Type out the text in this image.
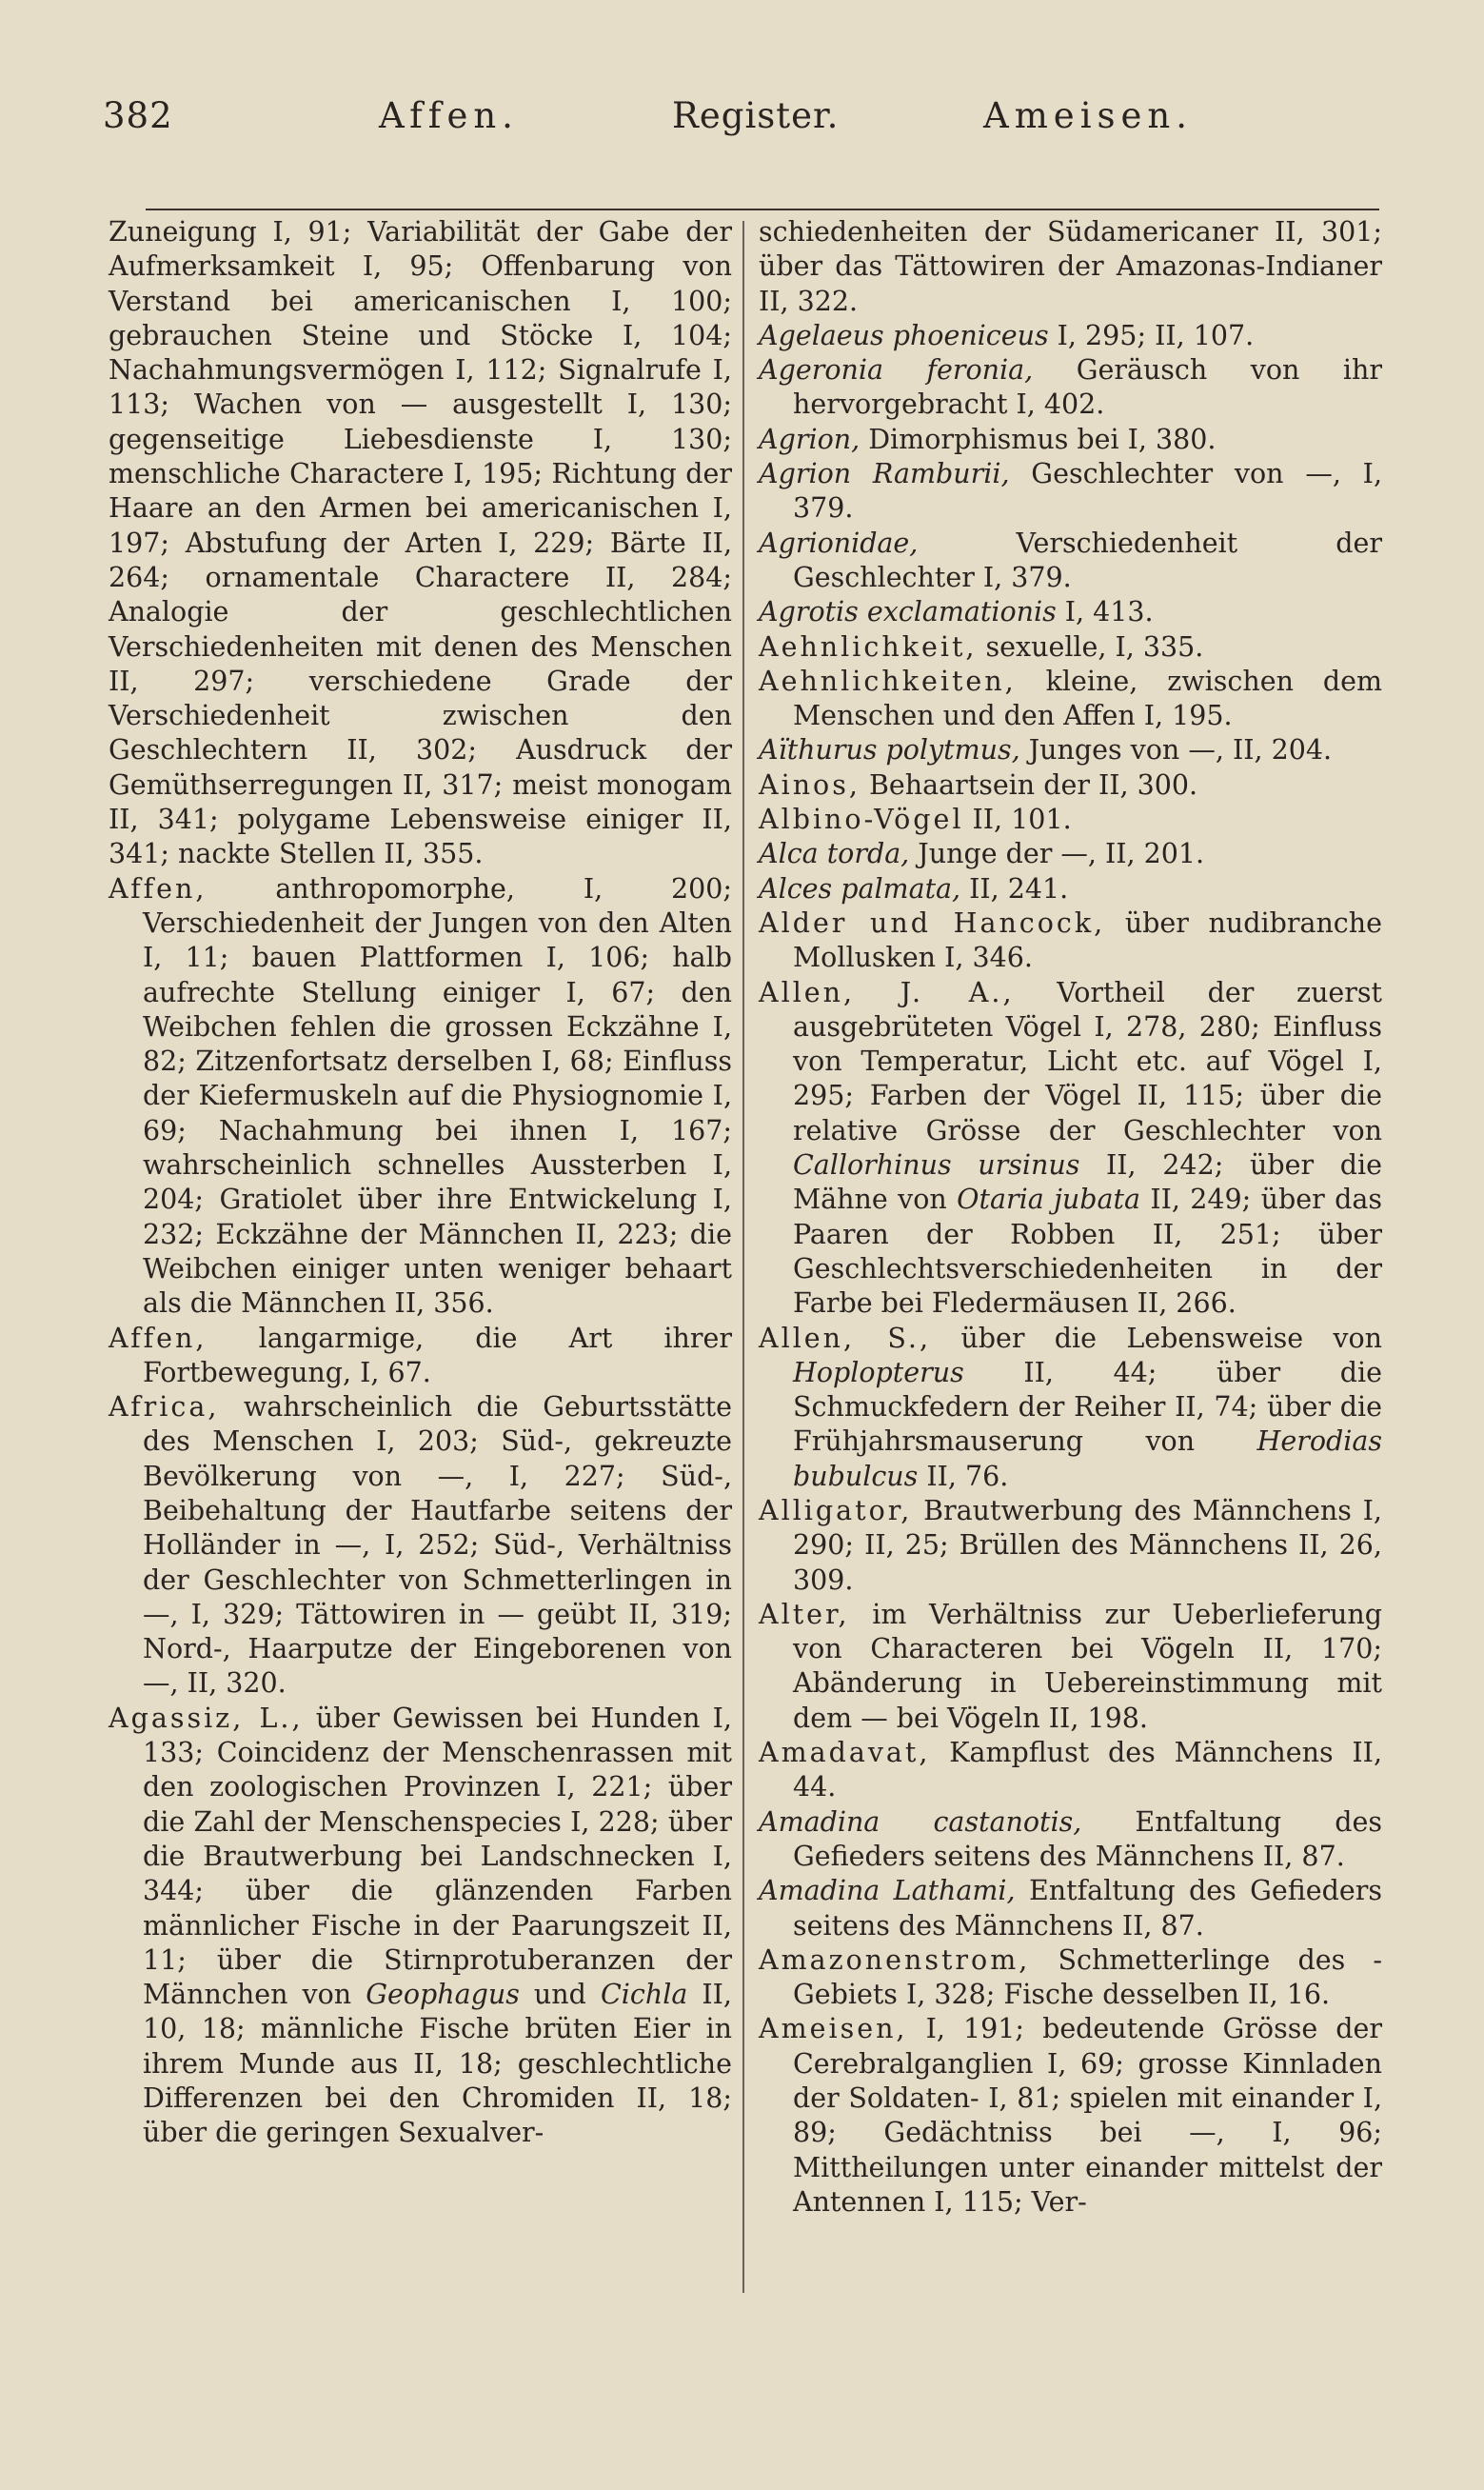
382	Affen.	Register.	Ameisen.

Zuneigung I, 91; Variabilität der Gabe der Aufmerksamkeit I, 95; Offenbarung von Verstand bei americanischen I, 100; gebrauchen Steine und Stöcke I, 104; Nachahmungsvermögen I, 112; Signalrufe I, 113; Wachen von — ausgestellt I, 130; gegenseitige Liebesdienste I, 130; menschliche Charactere I, 195; Richtung der Haare an den Armen bei americanischen I, 197; Abstufung der Arten I, 229; Bärte II, 264; ornamentale Charactere II, 284; Analogie der geschlechtlichen Verschiedenheiten mit denen des Menschen II, 297; verschiedene Grade der Verschiedenheit zwischen den Geschlechtern II, 302; Ausdruck der Gemüthserregungen II, 317; meist monogam II, 341; polygame Lebensweise einiger II, 341; nackte Stellen II, 355.

Affen, anthropomorphe, I, 200; Verschiedenheit der Jungen von den Alten I, 11; bauen Plattformen I, 106; halb aufrechte Stellung einiger I, 67; den Weibchen fehlen die grossen Eckzähne I, 82; Zitzenfortsatz derselben I, 68; Einfluss der Kiefermuskeln auf die Physiognomie I, 69; Nachahmung bei ihnen I, 167; wahrscheinlich schnelles Aussterben I, 204; Gratiolet über ihre Entwickelung I, 232; Eckzähne der Männchen II, 223; die Weibchen einiger unten weniger behaart als die Männchen II, 356.

Affen, langarmige, die Art ihrer Fortbewegung, I, 67.

Africa, wahrscheinlich die Geburtsstätte des Menschen I, 203; Süd-, gekreuzte Bevölkerung von —, I, 227; Süd-, Beibehaltung der Hautfarbe seitens der Holländer in —, I, 252; Süd-, Verhältniss der Geschlechter von Schmetterlingen in —, I, 329; Tättowiren in — geübt II, 319; Nord-, Haarputze der Eingeborenen von —, II, 320.

Agassiz, L., über Gewissen bei Hunden I, 133; Coincidenz der Menschenrassen mit den zoologischen Provinzen I, 221; über die Zahl der Menschenspecies I, 228; über die Brautwerbung bei Landschnecken I, 344; über die glänzenden Farben männlicher Fische in der Paarungszeit II, 11; über die Stirnprotuberanzen der Männchen von Geophagus und Cichla II, 10, 18; männliche Fische brüten Eier in ihrem Munde aus II, 18; geschlechtliche Differenzen bei den Chromiden II, 18; über die geringen Sexualver-

schiedenheiten der Südamericaner II, 301; über das Tättowiren der Amazonas-Indianer II, 322.

Agelaeus phoeniceus I, 295; II, 107.

Ageronia feronia, Geräusch von ihr hervorgebracht I, 402.

Agrion, Dimorphismus bei I, 380.

Agrion Ramburii, Geschlechter von —, I, 379.

Agrionidae, Verschiedenheit der Geschlechter I, 379.

Agrotis exclamationis I, 413.

Aehnlichkeit, sexuelle, I, 335.

Aehnlichkeiten, kleine, zwischen dem Menschen und den Affen I, 195.

Aïthurus polytmus, Junges von —, II, 204.

Ainos, Behaartsein der II, 300.

Albino-Vögel II, 101.

Alca torda, Junge der —, II, 201.

Alces palmata, II, 241.

Alder und Hancock, über nudibranche Mollusken I, 346.

Allen, J. A., Vortheil der zuerst ausgebrüteten Vögel I, 278, 280; Einfluss von Temperatur, Licht etc. auf Vögel I, 295; Farben der Vögel II, 115; über die relative Grösse der Geschlechter von Callorhinus ursinus II, 242; über die Mähne von Otaria jubata II, 249; über das Paaren der Robben II, 251; über Geschlechtsverschiedenheiten in der Farbe bei Fledermäusen II, 266.

Allen, S., über die Lebensweise von Hoplopterus II, 44; über die Schmuckfedern der Reiher II, 74; über die Frühjahrsmauserung von Herodias bubulcus II, 76.

Alligator, Brautwerbung des Männchens I, 290; II, 25; Brüllen des Männchens II, 26, 309.

Alter, im Verhältniss zur Ueberlieferung von Characteren bei Vögeln II, 170; Abänderung in Uebereinstimmung mit dem — bei Vögeln II, 198.

Amadavat, Kampflust des Männchens II, 44.

Amadina castanotis, Entfaltung des Gefieders seitens des Männchens II, 87.

Amadina Lathami, Entfaltung des Gefieders seitens des Männchens II, 87.

Amazonenstrom, Schmetterlinge des -Gebiets I, 328; Fische desselben II, 16.

Ameisen, I, 191; bedeutende Grösse der Cerebralganglien I, 69; grosse Kinnladen der Soldaten- I, 81; spielen mit einander I, 89; Gedächtniss bei —, I, 96; Mittheilungen unter einander mittelst der Antennen I, 115; Ver-
